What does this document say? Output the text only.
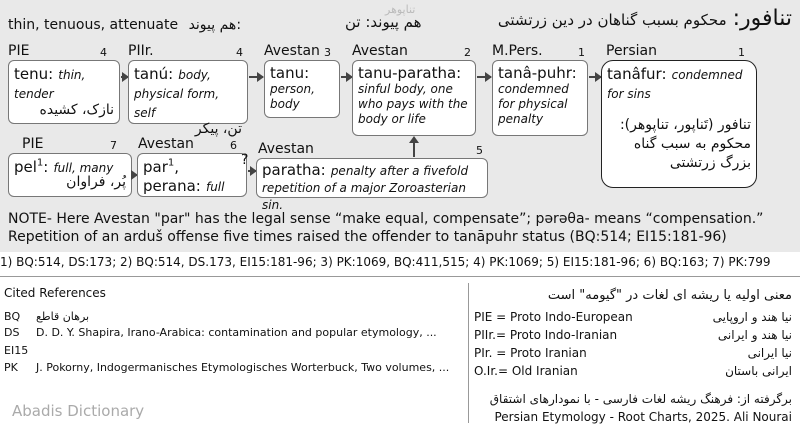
thin, tenuous, attenuate هم پیوند:
تناپوهر
هم پیوند: تن	تنافور:محکوم بسبب گناهان در دین زرتشتی
PIE	4 PIIr.	4 Avestan 3 Avestan	2 M.Pers.	1 Persian	1
tenu: thin, tender
نازک، کشیده
tanú: body, physical form, self
تن، پیکر
tanu:
person, body
tanu-paratha:
sinful body, one who pays with the body or life
tanâ-puhr:
condemned for physical penalty
tanâfur: condemned for sins
تنافور (تَناپور، تناپوهر): محکوم به سبب گناه بزرگ زرتشتی
PIE	7 Avestan	6 Avestan	5
pel$^1$: full, many
پُر، فراوان
par$^1$,
perana: full
?
paratha: penalty after a fivefold repetition of a major Zoroasterian sin.
NOTE- Here Avestan "par" has the legal sense “make equal, compensate”; pərəθa- means “compensation.”
Repetition of an arduš offense five times raised the offender to tanāpuhr status (BQ:514; EI15:181-96)
1) BQ:514, DS:173; 2) BQ:514, DS.173, EI15:181-96; 3) PK:1069, BQ:411,515; 4) PK:1069; 5) EI15:181-96; 6) BQ:163; 7) PK:799
Cited References
BQ برهان قاطع
DS D. D. Y. Shapira, Irano-Arabica: contamination and popular etymology, ...
EI15
PK J. Pokorny, Indogermanisches Etymologisches Worterbuck, Two volumes, ...
Abadis Dictionary
معنی اولیه یا ریشه ای لغات در "گیومه" است
PIE = Proto Indo-European	نیا هند و اروپایی
PIIr.= Proto Indo-Iranian	نیا هند و ایرانی
PIr. = Proto Iranian	نیا ایرانی
O.Ir.= Old Iranian	ایرانی باستان
برگرفته از: فرهنگ ریشه لغات فارسی - با نمودارهای اشتقاق
Persian Etymology - Root Charts, 2025. Ali Nourai
